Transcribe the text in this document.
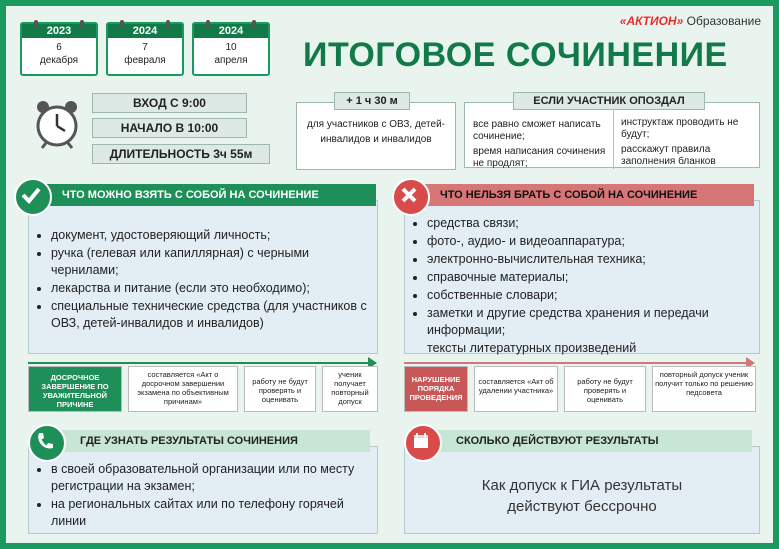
2023
6
декабря
2024
7
февраля
2024
10
апреля
«АКТИОН» Образование
ИТОГОВОЕ СОЧИНЕНИЕ
ВХОД С 9:00
НАЧАЛО В 10:00
ДЛИТЕЛЬНОСТЬ 3ч 55м
для участников с ОВЗ, детей-инвалидов и инвалидов
+ 1 ч 30 м
все равно сможет написать сочинение;
время написания сочинения не продлят;
инструктаж проводить не будут;
расскажут правила заполнения бланков
ЕСЛИ УЧАСТНИК ОПОЗДАЛ
• документ, удостоверяющий личность;
• ручка (гелевая или капиллярная) с черными чернилами;
• лекарства и питание (если это необходимо);
• специальные технические средства (для участников с ОВЗ, детей-инвалидов и инвалидов)
ЧТО МОЖНО ВЗЯТЬ С СОБОЙ НА СОЧИНЕНИЕ
• средства связи;
• фото-, аудио- и видеоаппаратура;
• электронно-вычислительная техника;
• справочные материалы;
• собственные словари;
• заметки и другие средства хранения и передачи информации;
тексты литературных произведений
ЧТО НЕЛЬЗЯ БРАТЬ С СОБОЙ НА СОЧИНЕНИЕ
ДОСРОЧНОЕ ЗАВЕРШЕНИЕ ПО УВАЖИТЕЛЬНОЙ ПРИЧИНЕ
составляется «Акт о досрочном завершении экзамена по объективным причинам»
работу не будут проверять и оценивать
ученик получает повторный допуск
НАРУШЕНИЕ ПОРЯДКА ПРОВЕДЕНИЯ
составляется «Акт об удалении участника»
работу не будут проверять и оценивать
повторный допуск ученик получит только по решению педсовета
• в своей образовательной организации или по месту регистрации на экзамен;
• на региональных сайтах или по телефону горячей линии
ГДЕ УЗНАТЬ РЕЗУЛЬТАТЫ СОЧИНЕНИЯ
Как допуск к ГИА результаты действуют бессрочно
СКОЛЬКО ДЕЙСТВУЮТ РЕЗУЛЬТАТЫ
